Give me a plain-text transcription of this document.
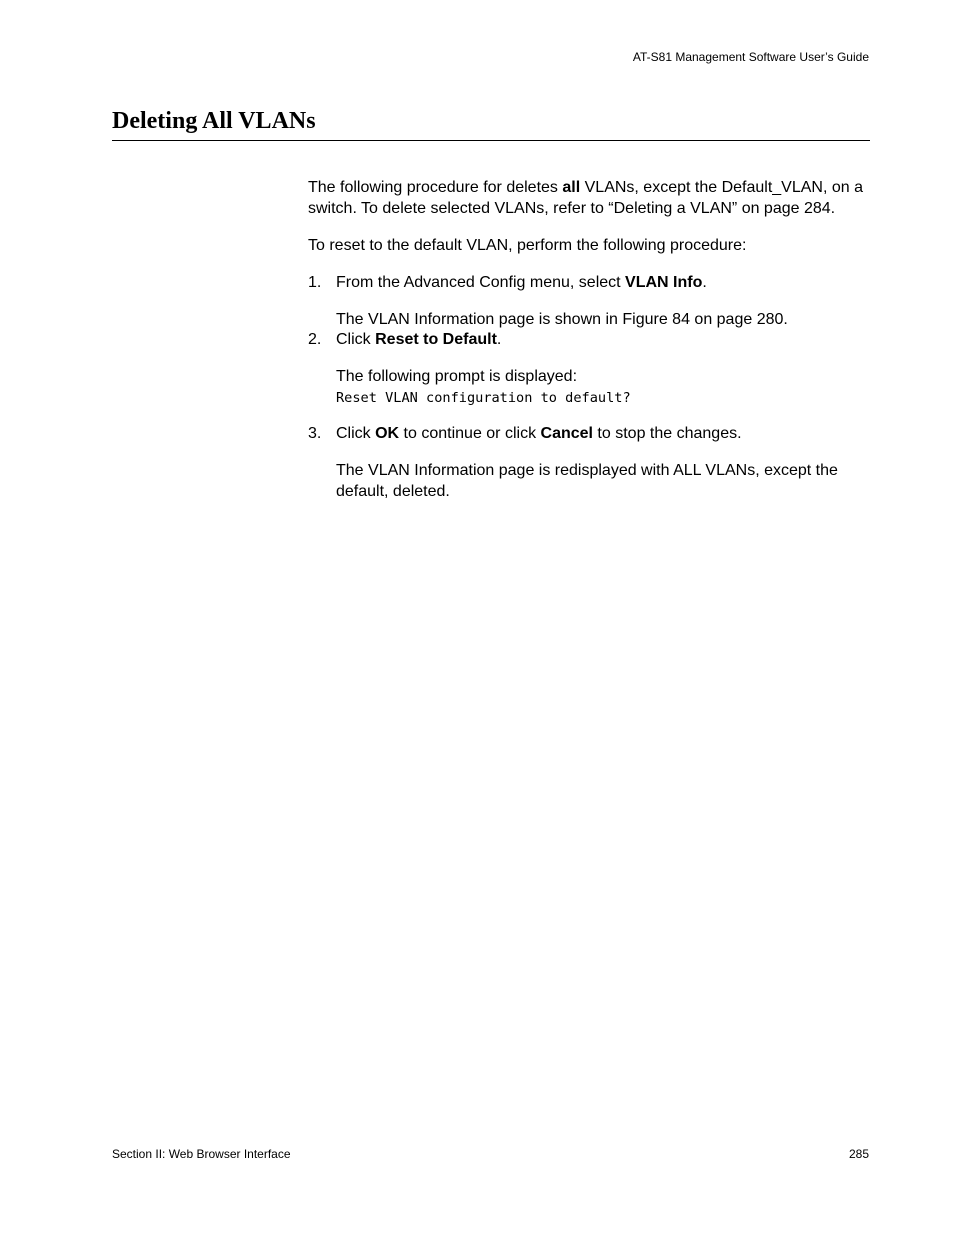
AT-S81 Management Software User’s Guide
Deleting All VLANs

The following procedure for deletes all VLANs, except the Default_VLAN, on a switch. To delete selected VLANs, refer to “Deleting a VLAN” on page 284.

To reset to the default VLAN, perform the following procedure:

1. From the Advanced Config menu, select VLAN Info.

The VLAN Information page is shown in Figure 84 on page 280.

2. Click Reset to Default.

The following prompt is displayed:

Reset VLAN configuration to default?
3. Click OK to continue or click Cancel to stop the changes.

The VLAN Information page is redisplayed with ALL VLANs, except the default, deleted.

Section II: Web Browser Interface	285
